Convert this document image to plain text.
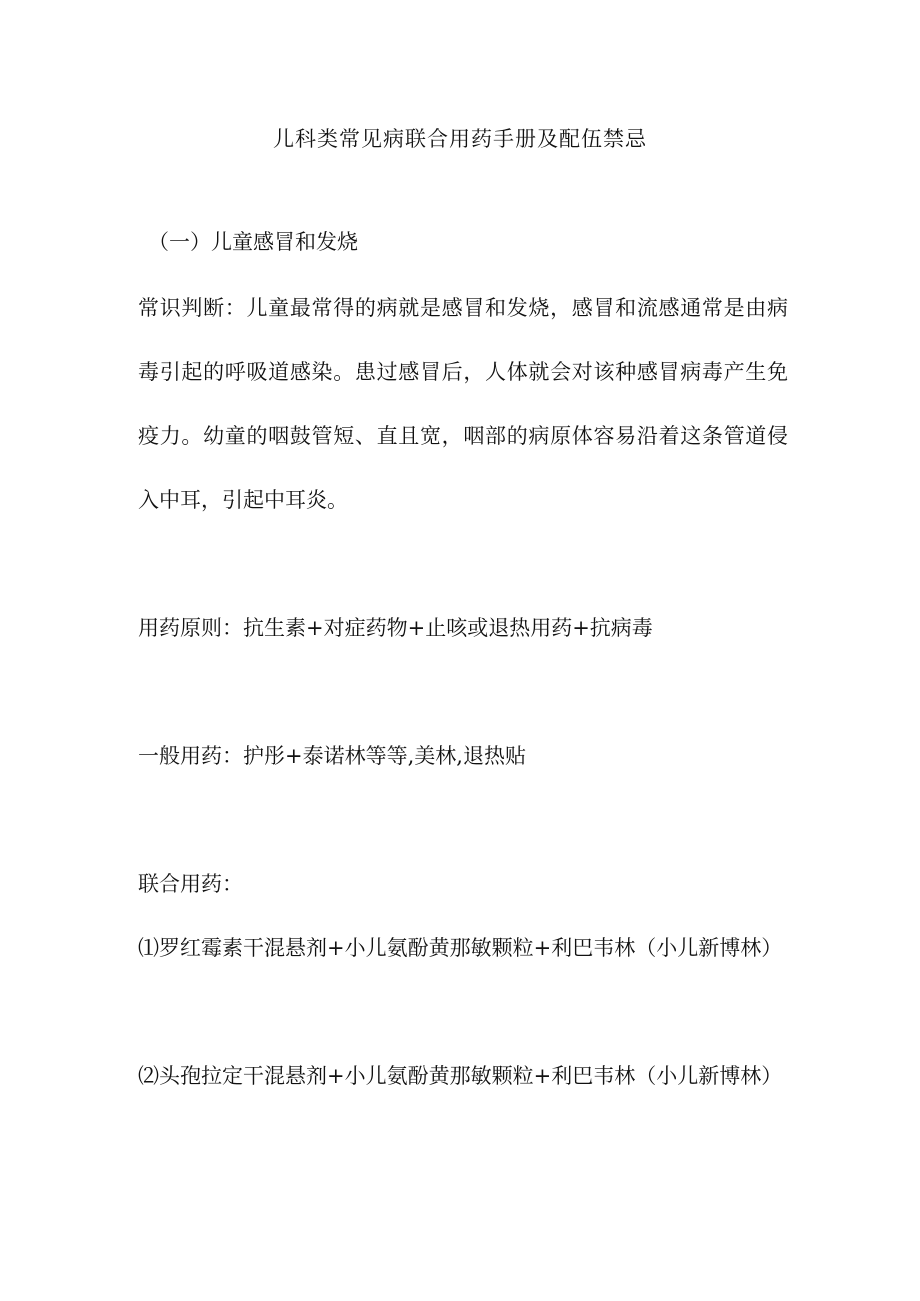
儿科类常见病联合用药手册及配伍禁忌
（一）儿童感冒和发烧

常识判断：儿童最常得的病就是感冒和发烧，感冒和流感通常是由病毒引起的呼吸道感染。患过感冒后，人体就会对该种感冒病毒产生免疫力。幼童的咽鼓管短、直且宽，咽部的病原体容易沿着这条管道侵入中耳，引起中耳炎。

用药原则：抗生素+对症药物+止咳或退热用药+抗病毒

一般用药：护彤+泰诺林等等,美林,退热贴

联合用药：

⑴罗红霉素干混悬剂+小儿氨酚黄那敏颗粒+利巴韦林（小儿新博林）

⑵头孢拉定干混悬剂+小儿氨酚黄那敏颗粒+利巴韦林（小儿新博林）
